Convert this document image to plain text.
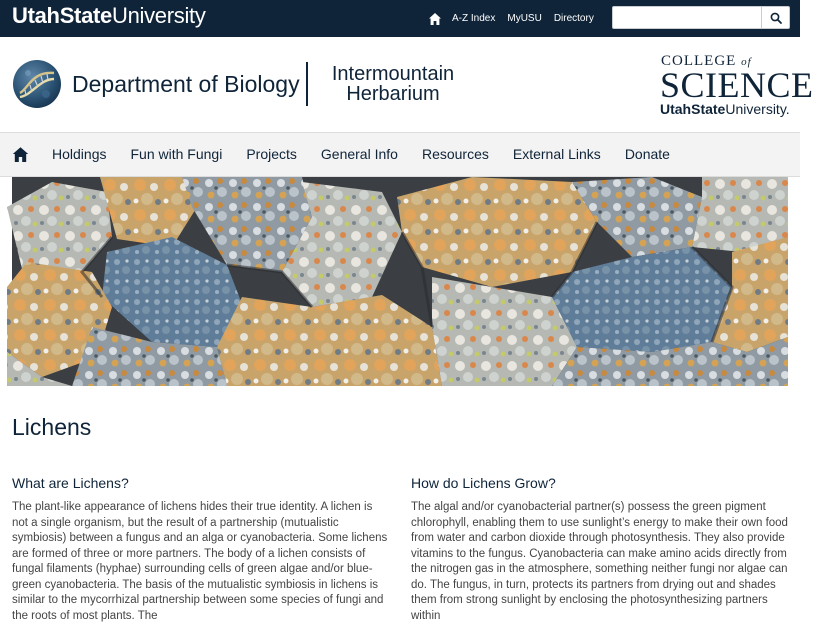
UtahStateUniversity	A-Z Index MyUSU Directory
Department of Biology	Intermountain
Herbarium
COLLEGE of
SCIENCE
UtahStateUniversity.
Holdings	Fun with Fungi	Projects	General Info	Resources	External Links	Donate
Lichens
What are Lichens?

The plant-like appearance of lichens hides their true identity. A lichen is not a single organism, but the result of a partnership (mutualistic symbiosis) between a fungus and an alga or cyanobacteria. Some lichens are formed of three or more partners. The body of a lichen consists of fungal filaments (hyphae) surrounding cells of green algae and/or blue-green cyanobacteria. The basis of the mutualistic symbiosis in lichens is similar to the mycorrhizal partnership between some species of fungi and the roots of most plants. The

How do Lichens Grow?

The algal and/or cyanobacterial partner(s) possess the green pigment chlorophyll, enabling them to use sunlight’s energy to make their own food from water and carbon dioxide through photosynthesis. They also provide vitamins to the fungus. Cyanobacteria can make amino acids directly from the nitrogen gas in the atmosphere, something neither fungi nor algae can do. The fungus, in turn, protects its partners from drying out and shades them from strong sunlight by enclosing the photosynthesizing partners within
